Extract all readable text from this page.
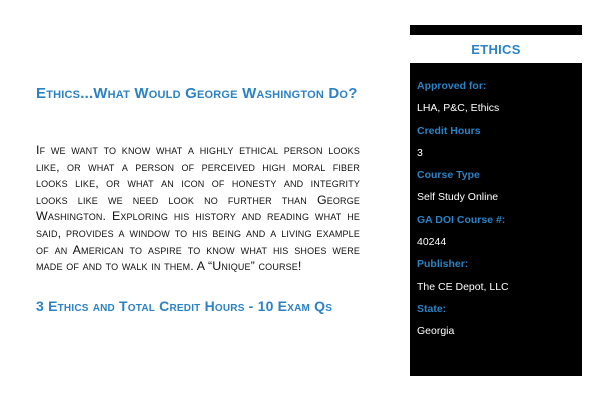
Ethics...What Would George Washington Do?

If we want to know what a highly ethical person looks like, or what a person of perceived high moral fiber looks like, or what an icon of honesty and integrity looks like we need look no further than George Washington. Exploring his history and reading what he said, provides a window to his being and a living example of an American to aspire to know what his shoes were made of and to walk in them. A “Unique” course!

3 Ethics and Total Credit Hours - 10 Exam Qs

ETHICS
Approved for:
LHA, P&C, Ethics
Credit Hours
3
Course Type
Self Study Online
GA DOI Course #:
40244
Publisher:
The CE Depot, LLC
State:
Georgia
